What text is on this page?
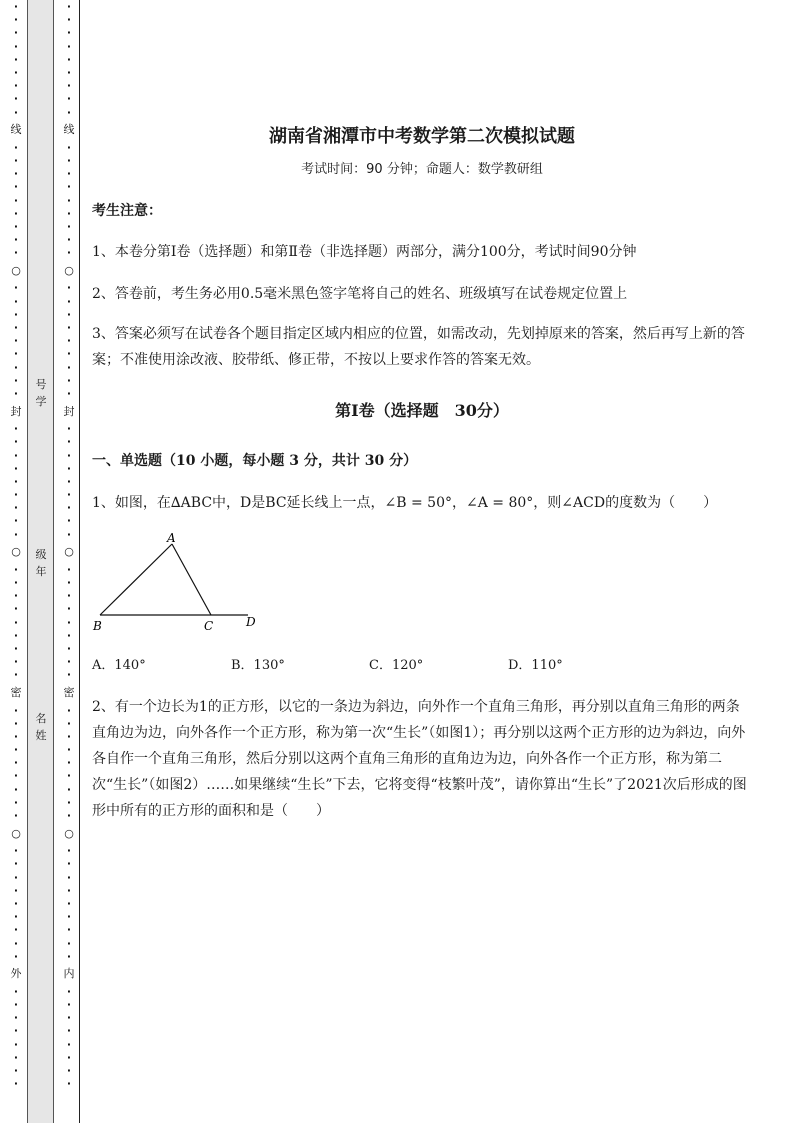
·
·
·
·
·
·
·
·
·
线
·
·
·
·
·
·
·
·
·
○
·
·
·
·
·
·
·
·
·
封
·
·
·
·
·
·
·
·
·
○
·
·
·
·
·
·
·
·
·
密
·
·
·
·
·
·
·
·
·
○
·
·
·
·
·
·
·
·
·
外
·
·
·
·
·
·
·
·
·
·
·
·
·
·
·
·
·
线
·
·
·
·
·
·
·
·
·
○
·
·
·
·
·
·
·
·
·
封
·
·
·
·
·
·
·
·
·
○
·
·
·
·
·
·
·
·
·
密
·
·
·
·
·
·
·
·
·
○
·
·
·
·
·
·
·
·
·
内
·
·
·
·
·
·
·
·
号学
级年
名姓
湖南省湘潭市中考数学第二次模拟试题
考试时间：90 分钟；命题人：数学教研组
考生注意：
1、本卷分第Ⅰ卷（选择题）和第Ⅱ卷（非选择题）两部分，满分100分，考试时间90分钟
2、答卷前，考生务必用0.5毫米黑色签字笔将自己的姓名、班级填写在试卷规定位置上
3、答案必须写在试卷各个题目指定区域内相应的位置，如需改动，先划掉原来的答案，然后再写上新的答案；不准使用涂改液、胶带纸、修正带，不按以上要求作答的答案无效。
第Ⅰ卷（选择题　30分）
一、单选题（10 小题，每小题 3 分，共计 30 分）
1、如图，在∆ABC中，D是BC延长线上一点，∠B = 50°，∠A = 80°，则∠ACD的度数为（　　）
A
B	C	D
A．140°	B．130°	C．120°	D．110°
2、有一个边长为1的正方形，以它的一条边为斜边，向外作一个直角三角形，再分别以直角三角形的两条直角边为边，向外各作一个正方形，称为第一次“生长”（如图1）；再分别以这两个正方形的边为斜边，向外各自作一个直角三角形，然后分别以这两个直角三角形的直角边为边，向外各作一个正方形，称为第二次“生长”（如图2）……如果继续“生长”下去，它将变得“枝繁叶茂”，请你算出“生长”了2021次后形成的图形中所有的正方形的面积和是（　　）
